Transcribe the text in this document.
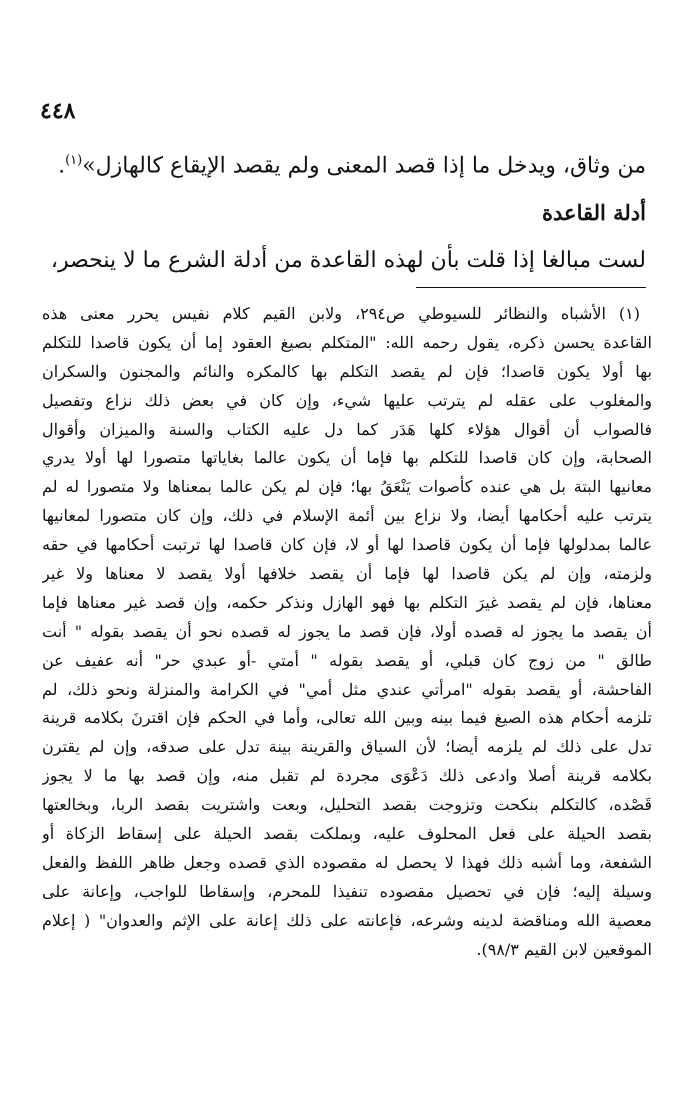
٤٤٨
من وثاق، ويدخل ما إذا قصد المعنى ولم يقصد الإيقاع كالهازل»$^{(١)}$.
أدلة القاعدة
لست مبالغا إذا قلت بأن لهذه القاعدة من أدلة الشرع ما لا ينحصر،
(١) الأشباه والنظائر للسيوطي ص٢٩٤، ولابن القيم كلام نفيس يحرر معنى هذه
القاعدة يحسن ذكره، يقول رحمه الله: "المتكلم بصيغ العقود إما أن يكون قاصدا للتكلم
بها أولا يكون قاصدا؛ فإن لم يقصد التكلم بها كالمكره والنائم والمجنون والسكران
والمغلوب على عقله لم يترتب عليها شيء، وإن كان في بعض ذلك نزاع وتفصيل
فالصواب أن أقوال هؤلاء كلها هَدَر كما دل عليه الكتاب والسنة والميزان وأقوال
الصحابة، وإن كان قاصدا للتكلم بها فإما أن يكون عالما بغاياتها متصورا لها أولا يدري
معانيها البتة بل هي عنده كأصوات يَنْعَقُ بها؛ فإن لم يكن عالما بمعناها ولا متصورا له لم
يترتب عليه أحكامها أيضا، ولا نزاع بين أئمة الإسلام في ذلك، وإن كان متصورا لمعانيها
عالما بمدلولها فإما أن يكون قاصدا لها أو لا، فإن كان قاصدا لها ترتبت أحكامها في حقه
ولزمته، وإن لم يكن قاصدا لها فإما أن يقصد خلافها أولا يقصد لا معناها ولا غير
معناها، فإن لم يقصد غيرَ التكلم بها فهو الهازل ونذكر حكمه، وإن قصد غير معناها فإما
أن يقصد ما يجوز له قصده أولا، فإن قصد ما يجوز له قصده نحو أن يقصد بقوله " أنت
طالق " من زوج كان قبلي، أو يقصد بقوله " أمتي -أو عبدي حر" أنه عفيف عن
الفاحشة، أو يقصد بقوله "امرأتي عندي مثل أمي" في الكرامة والمنزلة ونحو ذلك، لم
تلزمه أحكام هذه الصيغ فيما بينه وبين الله تعالى، وأما في الحكم فإن اقترنَ بكلامه قرينة
تدل على ذلك لم يلزمه أيضا؛ لأن السياق والقرينة بينة تدل على صدقه، وإن لم يقترن
بكلامه قرينة أصلا وادعى ذلك دَعْوَى مجردة لم تقبل منه، وإن قصد بها ما لا يجوز
قَصْده، كالتكلم بنكحت وتزوجت بقصد التحليل، وبعت واشتريت بقصد الربا، وبخالعتها
بقصد الحيلة على فعل المحلوف عليه، وبملكت بقصد الحيلة على إسقاط الزكاة أو
الشفعة، وما أشبه ذلك فهذا لا يحصل له مقصوده الذي قصده وجعل ظاهر اللفظ والفعل
وسيلة إليه؛ فإن في تحصيل مقصوده تنفيذا للمحرم، وإسقاطا للواجب، وإعانة على
معصية الله ومناقضة لدينه وشرعه، فإعانته على ذلك إعانة على الإثم والعدوان" ( إعلام
الموقعين لابن القيم ٩٨/٣).
